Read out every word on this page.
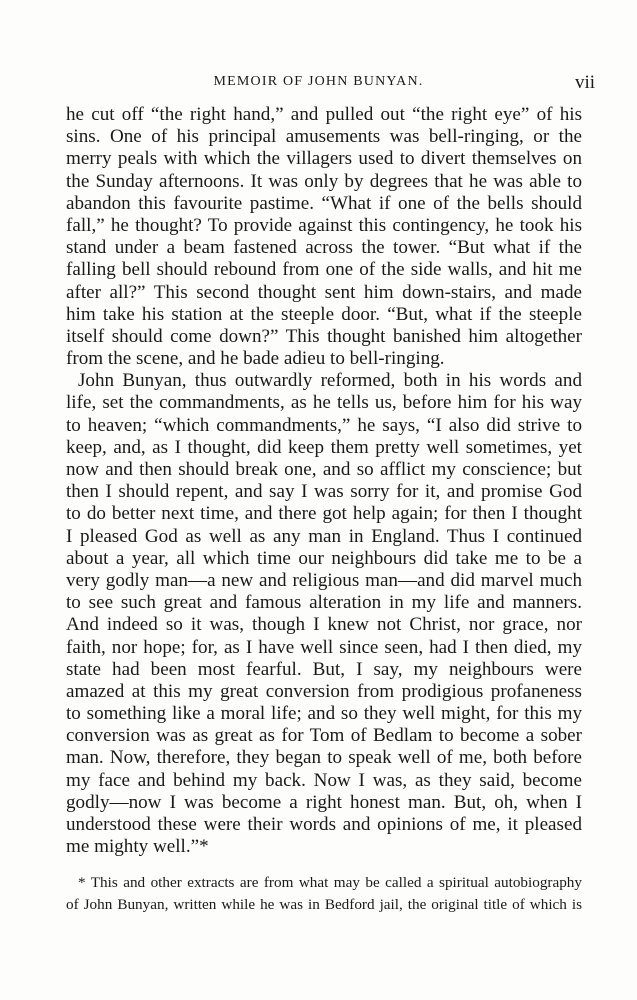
MEMOIR OF JOHN BUNYAN.	vii
he cut off “the right hand,” and pulled out “the right eye” of his
sins. One of his principal amusements was bell-ringing, or the
merry peals with which the villagers used to divert themselves on
the Sunday afternoons. It was only by degrees that he was able to
abandon this favourite pastime. “What if one of the bells should
fall,” he thought? To provide against this contingency, he took his
stand under a beam fastened across the tower. “But what if the
falling bell should rebound from one of the side walls, and hit me
after all?” This second thought sent him down-stairs, and made
him take his station at the steeple door. “But, what if the steeple
itself should come down?” This thought banished him altogether
from the scene, and he bade adieu to bell-ringing.
John Bunyan, thus outwardly reformed, both in his words and
life, set the commandments, as he tells us, before him for his way
to heaven; “which commandments,” he says, “I also did strive to
keep, and, as I thought, did keep them pretty well sometimes, yet
now and then should break one, and so afflict my conscience; but
then I should repent, and say I was sorry for it, and promise God
to do better next time, and there got help again; for then I thought
I pleased God as well as any man in England. Thus I continued
about a year, all which time our neighbours did take me to be a
very godly man—a new and religious man—and did marvel much
to see such great and famous alteration in my life and manners.
And indeed so it was, though I knew not Christ, nor grace, nor
faith, nor hope; for, as I have well since seen, had I then died, my
state had been most fearful. But, I say, my neighbours were
amazed at this my great conversion from prodigious profaneness
to something like a moral life; and so they well might, for this my
conversion was as great as for Tom of Bedlam to become a sober
man. Now, therefore, they began to speak well of me, both before
my face and behind my back. Now I was, as they said, become
godly—now I was become a right honest man. But, oh, when I
understood these were their words and opinions of me, it pleased
me mighty well.”*
* This and other extracts are from what may be called a spiritual autobiography
of John Bunyan, written while he was in Bedford jail, the original title of which is
